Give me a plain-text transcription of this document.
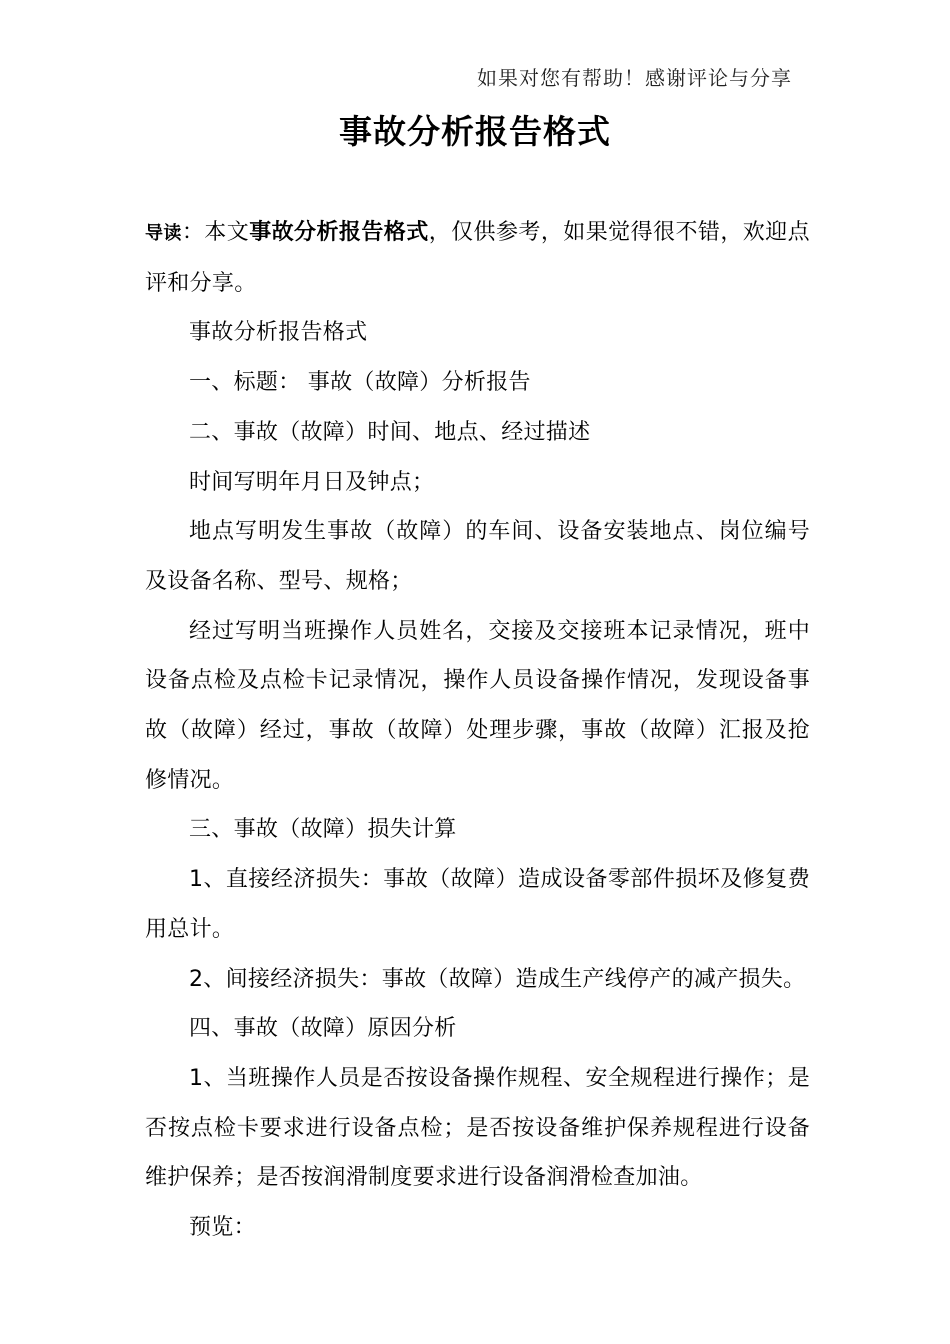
如果对您有帮助！感谢评论与分享
事故分析报告格式

导读：本文事故分析报告格式，仅供参考，如果觉得很不错，欢迎点评和分享。

事故分析报告格式

一、标题： 事故（故障）分析报告

二、事故（故障）时间、地点、经过描述

时间写明年月日及钟点；

地点写明发生事故（故障）的车间、设备安装地点、岗位编号及设备名称、型号、规格；

经过写明当班操作人员姓名，交接及交接班本记录情况，班中设备点检及点检卡记录情况，操作人员设备操作情况，发现设备事故（故障）经过，事故（故障）处理步骤，事故（故障）汇报及抢修情况。

三、事故（故障）损失计算

1、直接经济损失：事故（故障）造成设备零部件损坏及修复费用总计。

2、间接经济损失：事故（故障）造成生产线停产的减产损失。

四、事故（故障）原因分析

1、当班操作人员是否按设备操作规程、安全规程进行操作；是否按点检卡要求进行设备点检；是否按设备维护保养规程进行设备维护保养；是否按润滑制度要求进行设备润滑检查加油。

预览：
